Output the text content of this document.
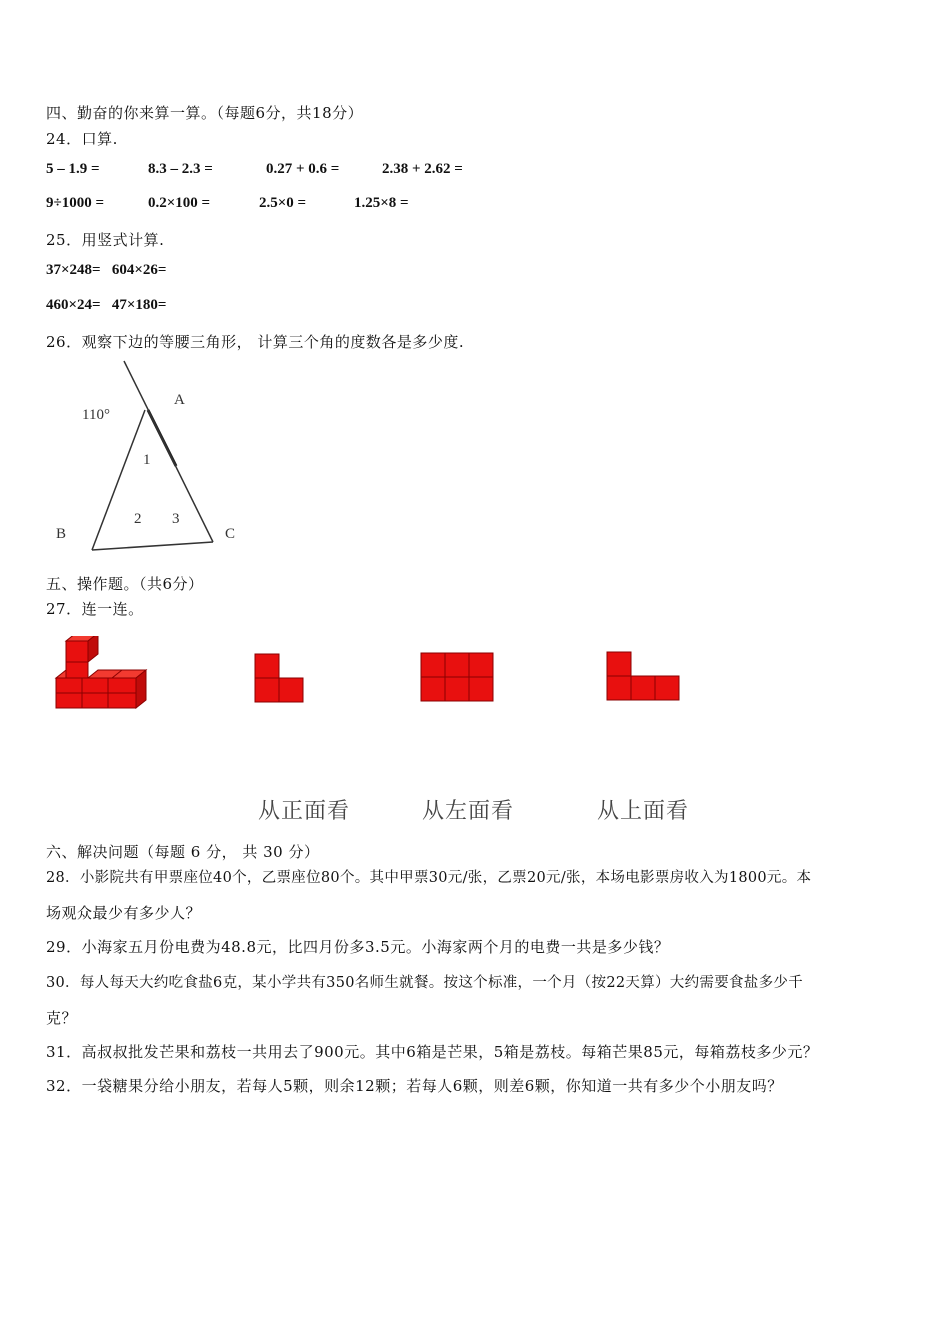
四、勤奋的你来算一算。（每题6分，共18分）
24．口算.
5 – 1.9 =	8.3 – 2.3 =	0.27 + 0.6 =	2.38 + 2.62 =
9÷1000 =	0.2×100 =	2.5×0 =	1.25×8 =
25．用竖式计算.
37×248=   604×26=
460×24=   47×180=
26．观察下边的等腰三角形， 计算三个角的度数各是多少度.
110°
A
B	C
1
2 3
五、操作题。（共6分）
27．连一连。
从正面看	从左面看	从上面看
六、解决问题（每题 6 分， 共 30 分）
28．小影院共有甲票座位40个，乙票座位80个。其中甲票30元/张，乙票20元/张，本场电影票房收入为1800元。本
场观众最少有多少人？
29．小海家五月份电费为48.8元，比四月份多3.5元。小海家两个月的电费一共是多少钱？
30．每人每天大约吃食盐6克，某小学共有350名师生就餐。按这个标准，一个月（按22天算）大约需要食盐多少千
克？
31．高叔叔批发芒果和荔枝一共用去了900元。其中6箱是芒果，5箱是荔枝。每箱芒果85元，每箱荔枝多少元？
32．一袋糖果分给小朋友，若每人5颗，则余12颗；若每人6颗，则差6颗，你知道一共有多少个小朋友吗？
